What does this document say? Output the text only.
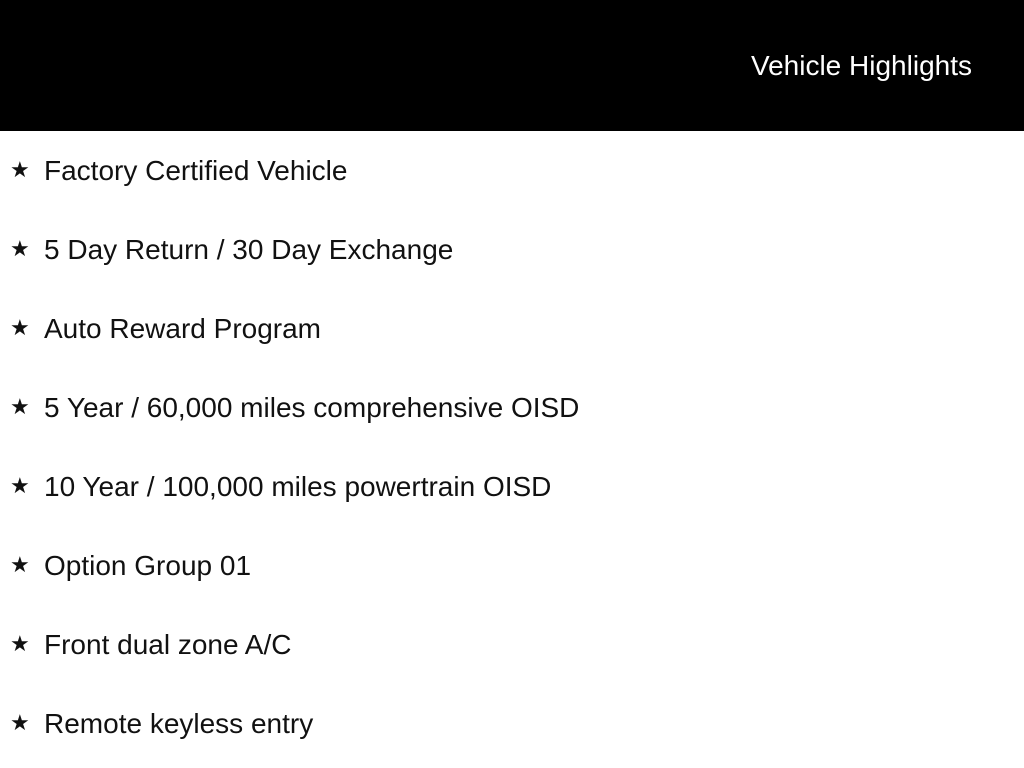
Vehicle Highlights
★ Factory Certified Vehicle
★ 5 Day Return / 30 Day Exchange
★ Auto Reward Program
★ 5 Year / 60,000 miles comprehensive OISD
★ 10 Year / 100,000 miles powertrain OISD
★ Option Group 01
★ Front dual zone A/C
★ Remote keyless entry
